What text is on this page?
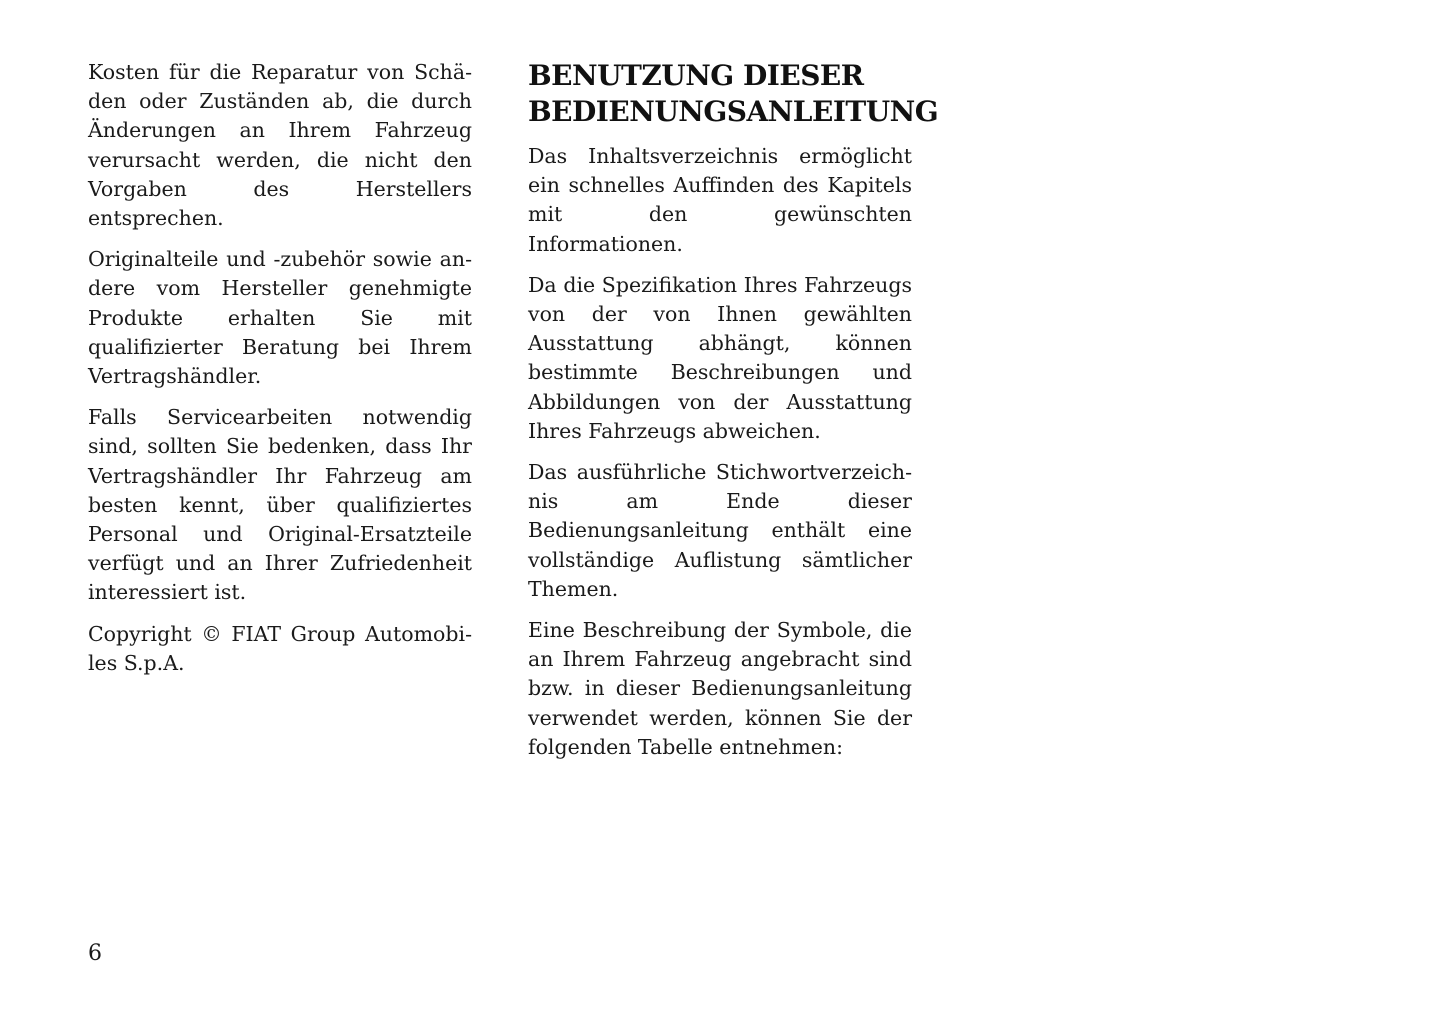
Kosten für die Reparatur von Schäden oder Zuständen ab, die durch Änderungen an Ihrem Fahrzeug verursacht werden, die nicht den Vorgaben des Herstellers entsprechen.

Originalteile und -zubehör sowie andere vom Hersteller genehmigte Produkte erhalten Sie mit qualifizierter Beratung bei Ihrem Vertragshändler.

Falls Servicearbeiten notwendig sind, sollten Sie bedenken, dass Ihr Vertragshändler Ihr Fahrzeug am besten kennt, über qualifiziertes Personal und Original-Ersatzteile verfügt und an Ihrer Zufriedenheit interessiert ist.

Copyright © FIAT Group Automobiles S.p.A.

BENUTZUNG DIESER
BEDIENUNGSANLEITUNG

Das Inhaltsverzeichnis ermöglicht ein schnelles Auffinden des Kapitels mit den gewünschten Informationen.

Da die Spezifikation Ihres Fahrzeugs von der von Ihnen gewählten Ausstattung abhängt, können bestimmte Beschreibungen und Abbildungen von der Ausstattung Ihres Fahrzeugs abweichen.

Das ausführliche Stichwortverzeichnis am Ende dieser Bedienungsanleitung enthält eine vollständige Auflistung sämtlicher Themen.

Eine Beschreibung der Symbole, die an Ihrem Fahrzeug angebracht sind bzw. in dieser Bedienungsanleitung verwendet werden, können Sie der folgenden Tabelle entnehmen:

6
